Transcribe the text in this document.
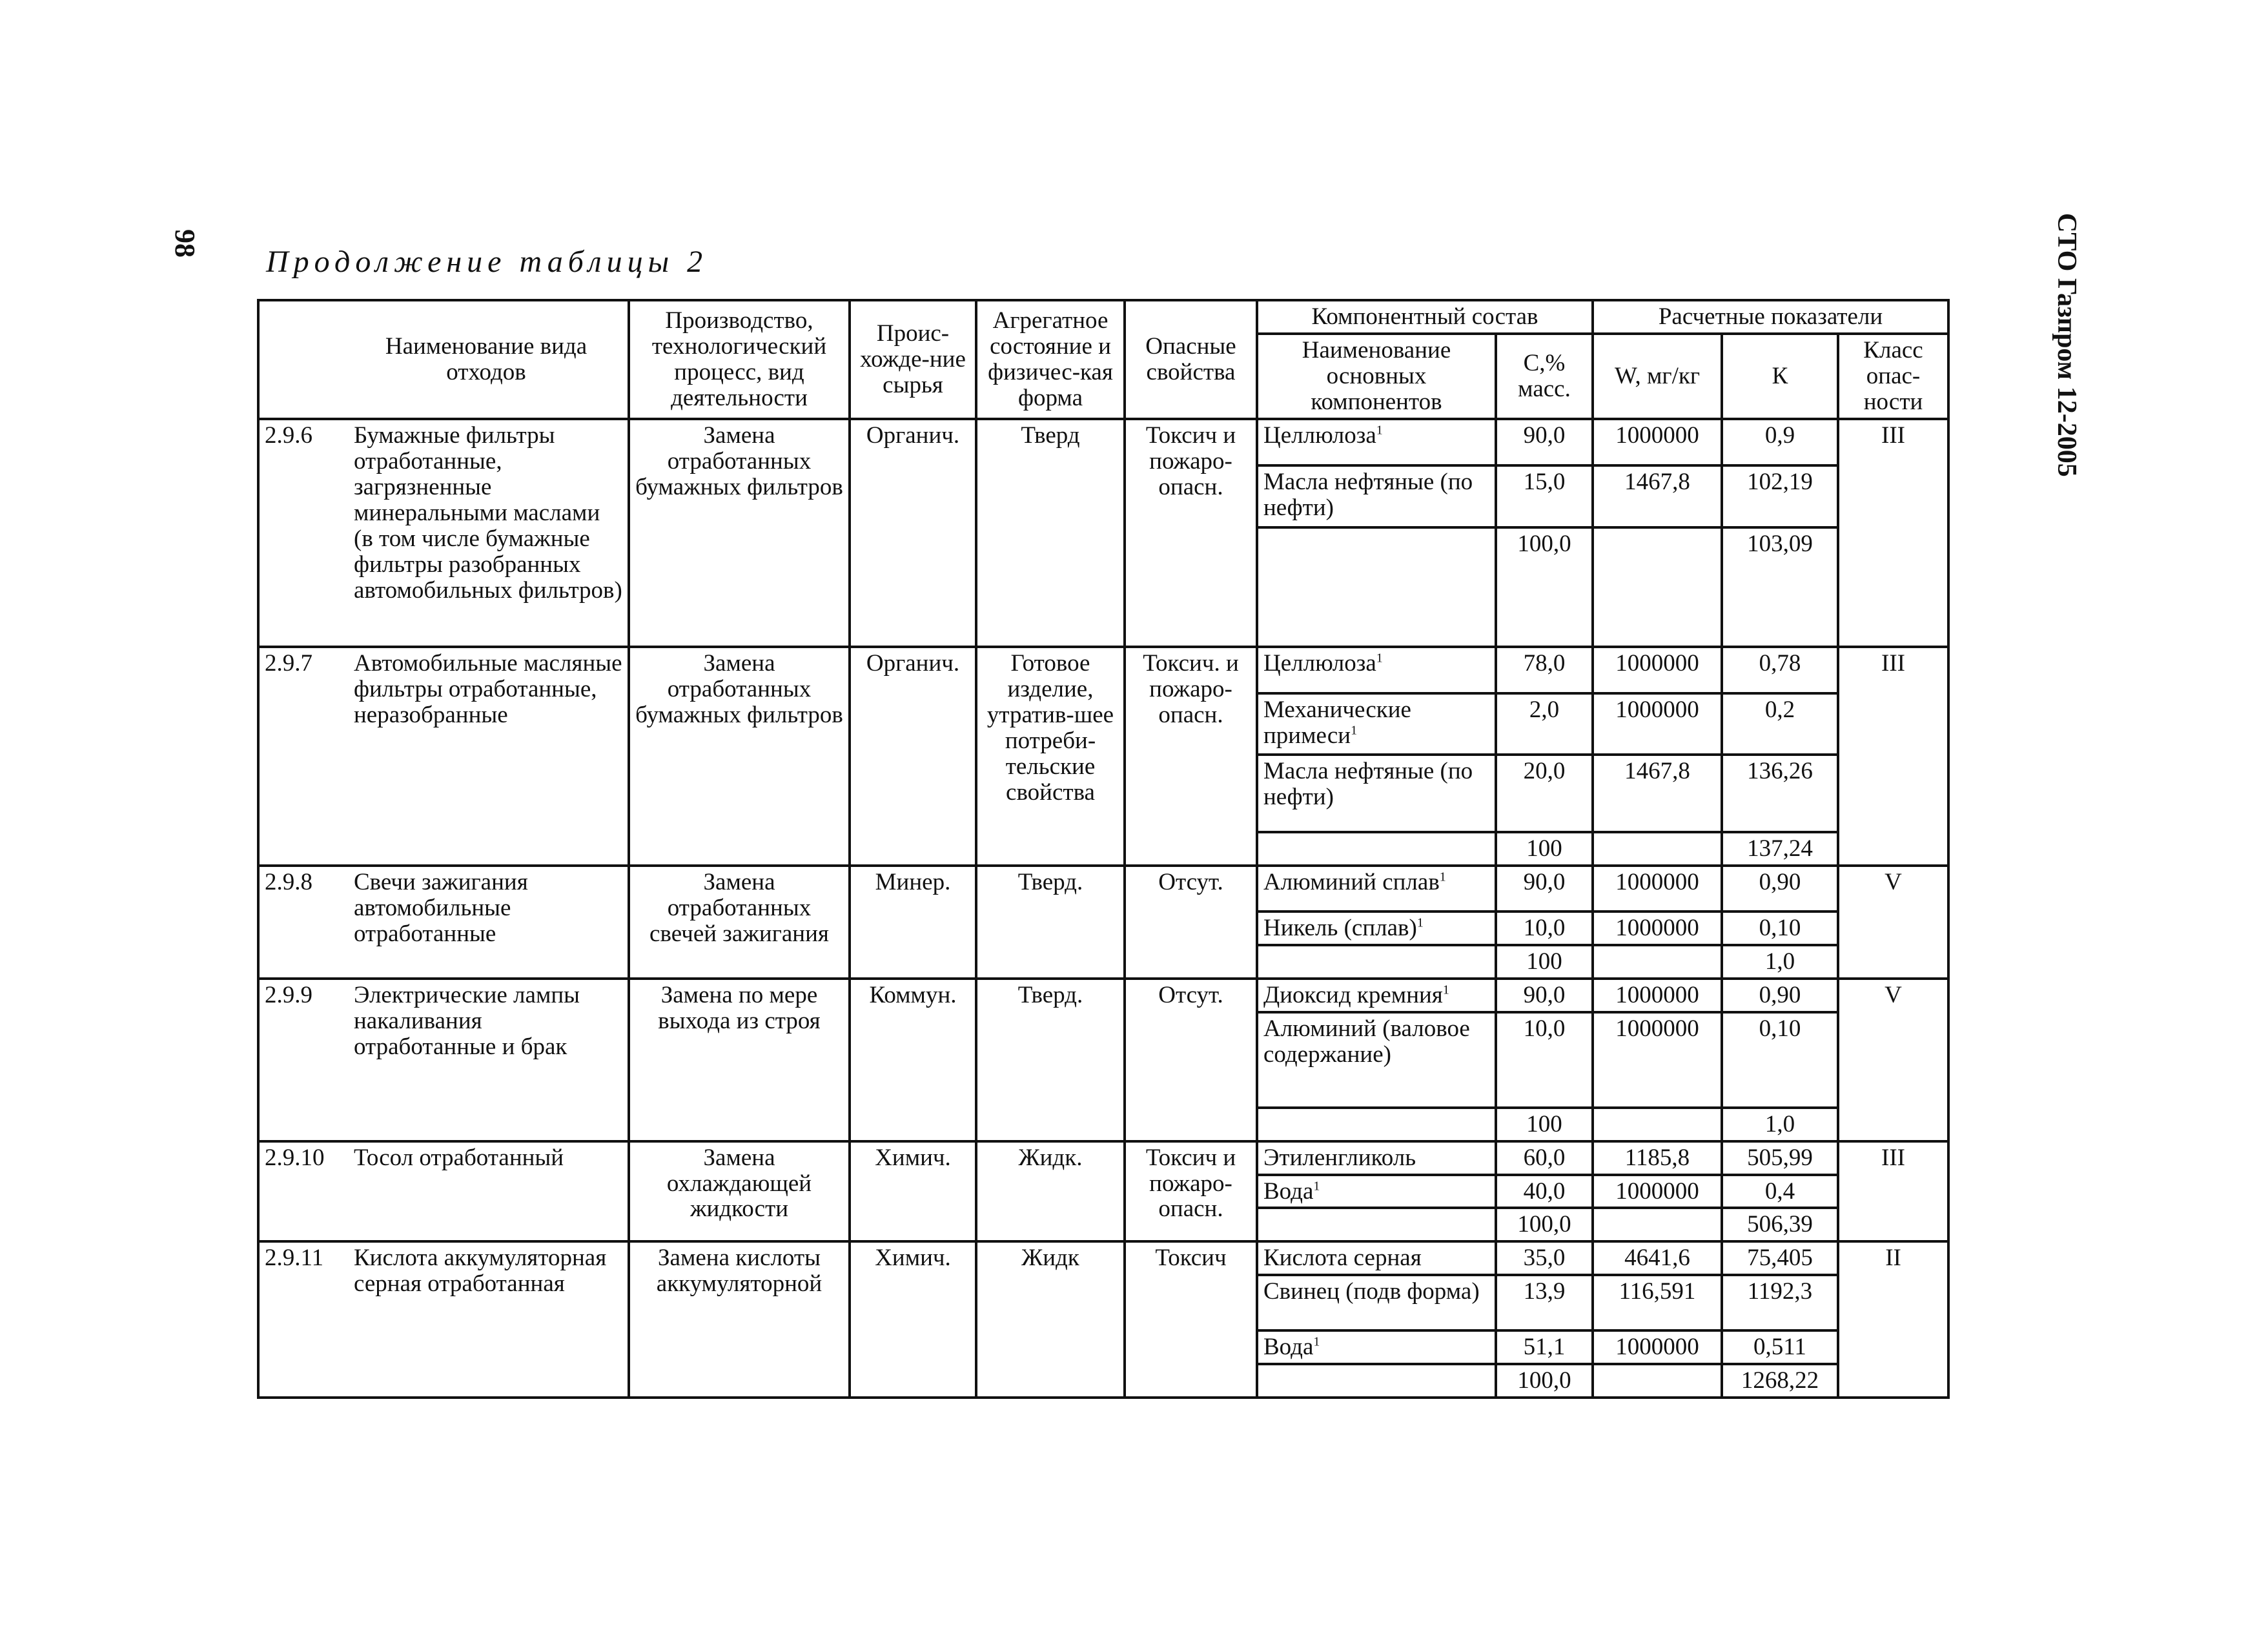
98	СТО Газпром 12-2005
Продолжение таблицы 2
Наименование вида отходов		Производство, технологический процесс, вид деятельности	Проис-хожде-ние сырья	Агрегатное состояние и физичес-кая форма	Опасные свойства	Компонентный состав		Расчетные показатели		
						Наименование основных компонентов	С,% масс.	W, мг/кг	К	Класс опас-ности
2.9.6	Бумажные фильтры отработанные, загрязненные минеральными маслами (в том числе бумажные фильтры разобранных автомобильных фильтров)	Замена отработанных бумажных фильтров	Органич.	Тверд	Токсич и пожаро-опасн.	Целлюлоза$^1$	90,0	1000000	0,9	III
						Масла нефтяные (по нефти)	15,0	1467,8	102,19	
							100,0		103,09	
2.9.7	Автомобильные масляные фильтры отработанные, неразобранные	Замена отработанных бумажных фильтров	Органич.	Готовое изделие, утратив-шее потреби-тельские свойства	Токсич. и пожаро-опасн.	Целлюлоза$^1$	78,0	1000000	0,78	III
						Механические примеси$^1$	2,0	1000000	0,2	
						Масла нефтяные (по нефти)	20,0	1467,8	136,26	
							100		137,24	
2.9.8	Свечи зажигания автомобильные отработанные	Замена отработанных свечей зажигания	Минер.	Тверд.	Отсут.	Алюминий сплав$^1$	90,0	1000000	0,90	V
						Никель (сплав)$^1$	10,0	1000000	0,10	
							100		1,0	
2.9.9	Электрические лампы накаливания отработанные и брак	Замена по мере выхода из строя	Коммун.	Тверд.	Отсут.	Диоксид кремния$^1$	90,0	1000000	0,90	V
						Алюминий (валовое содержание)	10,0	1000000	0,10	
							100		1,0	
2.9.10	Тосол отработанный	Замена охлаждающей жидкости	Химич.	Жидк.	Токсич и пожаро-опасн.	Этиленгликоль	60,0	1185,8	505,99	III
						Вода$^1$	40,0	1000000	0,4	
							100,0		506,39	
2.9.11	Кислота аккумуляторная серная отработанная	Замена кислоты аккумуляторной	Химич.	Жидк	Токсич	Кислота серная	35,0	4641,6	75,405	II
						Свинец (подв форма)	13,9	116,591	1192,3	
						Вода$^1$	51,1	1000000	0,511	
							100,0		1268,22	
